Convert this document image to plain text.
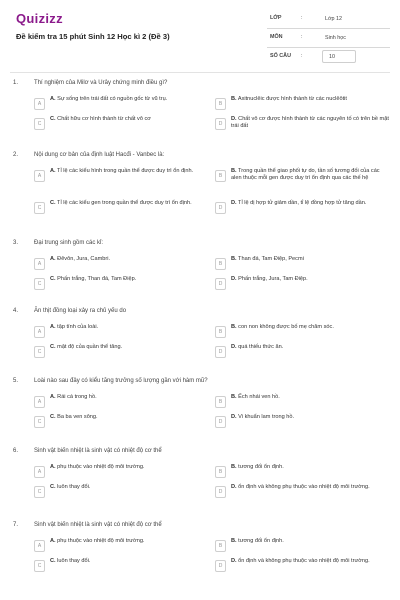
Quizizz
Đề kiểm tra 15 phút Sinh 12 Học kì 2 (Đề 3)
LỚP	:	Lớp 12
MÔN	:	Sinh học
SỐ CÂU :	10
1.	Thí nghiệm của Milơ và Urây chứng minh điều gì?
A
A. Sự sống trên trái đất có nguồn gốc từ vũ trụ.
B
B. Axitnuclêic được hình thành từ các nuclêôtit
C
C. Chất hữu cơ hình thành từ chất vô cơ
D
D. Chất vô cơ được hình thành từ các nguyên tố có trên bề mặt trái đất
2.	Nội dung cơ bản của định luật Hacđi - Vanbec là:
A
A. Tỉ lệ các kiểu hình trong quần thể được duy trì ổn định.
B
B. Trong quần thể giao phối tự do, tần số tương đối của các alen thuộc mỗi gen được duy trì ổn định qua các thế hệ
C
C. Tỉ lệ các kiểu gen trong quần thể được duy trì ổn định.
D
D. Tỉ lệ dị hợp tử giảm dần, tỉ lệ đồng hợp tử tăng dần.
3.	Đại trung sinh gồm các kỉ:
A
A. Đêvôn, Jura, Cambri.
B
B. Than đá, Tam Điệp, Pecmi
C
C. Phấn trắng, Than đá, Tam Điệp.
D
D. Phấn trắng, Jura, Tam Điệp.
4.	Ăn thịt đồng loại xảy ra chủ yếu do
A
A. tập tính của loài.
B
B. con non không được bố mẹ chăm sóc.
C
C. mật độ của quần thể tăng.
D
D. quá thiếu thức ăn.
5.	Loài nào sau đây có kiểu tăng trưởng số lượng gần với hàm mũ?
A
A. Rái cá trong hồ.
B
B. Ếch nhái ven hồ.
C
C. Ba ba ven sông.
D
D. Vi khuẩn lam trong hồ.
6.	Sinh vật biến nhiệt là sinh vật có nhiệt độ cơ thể
A
A. phụ thuộc vào nhiệt độ môi trường.
B
B. tương đối ổn định.
C
C. luôn thay đổi.
D
D. ổn định và không phụ thuộc vào nhiệt độ môi trường.
7.	Sinh vật biến nhiệt là sinh vật có nhiệt độ cơ thể
A
A. phụ thuộc vào nhiệt độ môi trường.
B
B. tương đối ổn định.
C
C. luôn thay đổi.
D
D. ổn định và không phụ thuộc vào nhiệt độ môi trường.
